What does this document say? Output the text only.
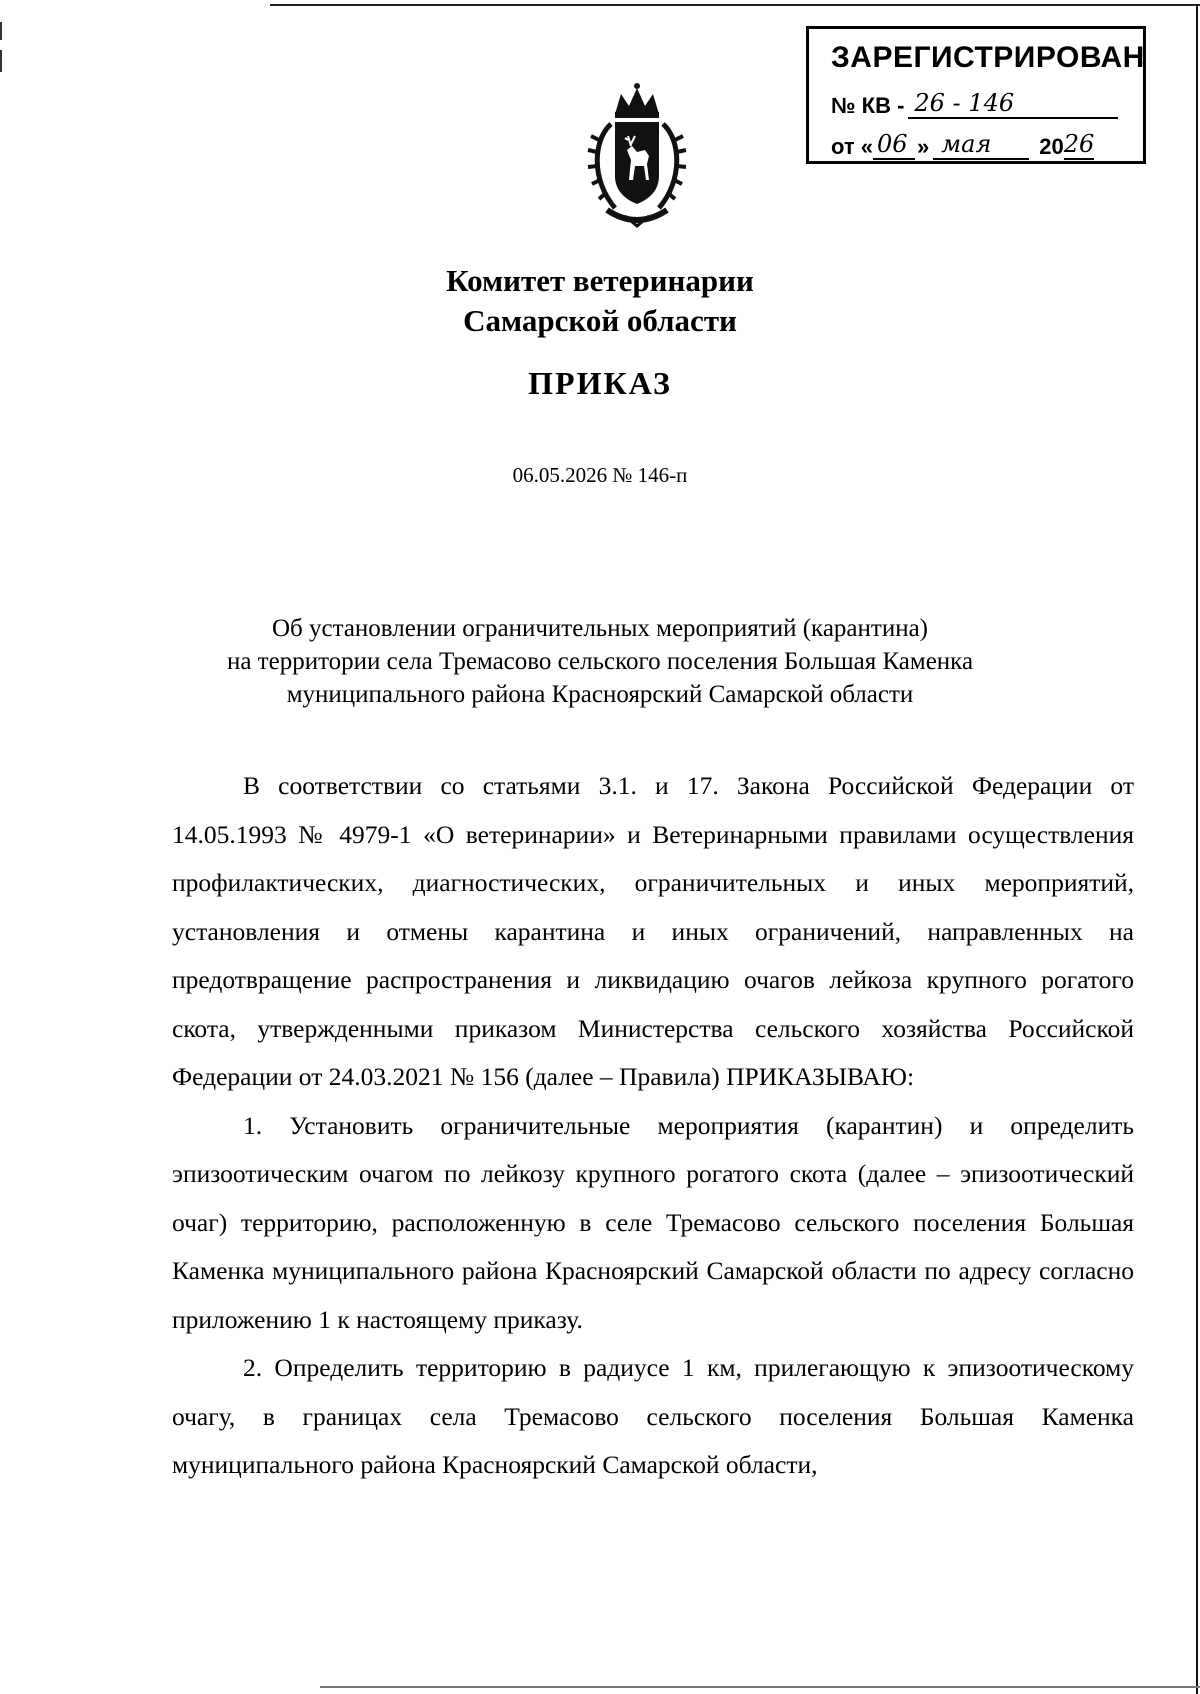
ЗАРЕГИСТРИРОВАН
№ КВ - 26 - 146
от « 06 » мая 20 26
Комитет ветеринарии
Самарской области
ПРИКАЗ
06.05.2026 № 146-п
Об установлении ограничительных мероприятий (карантина)
на территории села Тремасово сельского поселения Большая Каменка
муниципального района Красноярский Самарской области

В соответствии со статьями 3.1. и 17. Закона Российской Федерации от 14.05.1993 № 4979-1 «О ветеринарии» и Ветеринарными правилами осуществления профилактических, диагностических, ограничительных и иных мероприятий, установления и отмены карантина и иных ограничений, направленных на предотвращение распространения и ликвидацию очагов лейкоза крупного рогатого скота, утвержденными приказом Министерства сельского хозяйства Российской Федерации от 24.03.2021 № 156 (далее – Правила) ПРИКАЗЫВАЮ:

1. Установить ограничительные мероприятия (карантин) и определить эпизоотическим очагом по лейкозу крупного рогатого скота (далее – эпизоотический очаг) территорию, расположенную в селе Тремасово сельского поселения Большая Каменка муниципального района Красноярский Самарской области по адресу согласно приложению 1 к настоящему приказу.

2. Определить территорию в радиусе 1 км, прилегающую к эпизоотическому очагу, в границах села Тремасово сельского поселения Большая Каменка муниципального района Красноярский Самарской области,
